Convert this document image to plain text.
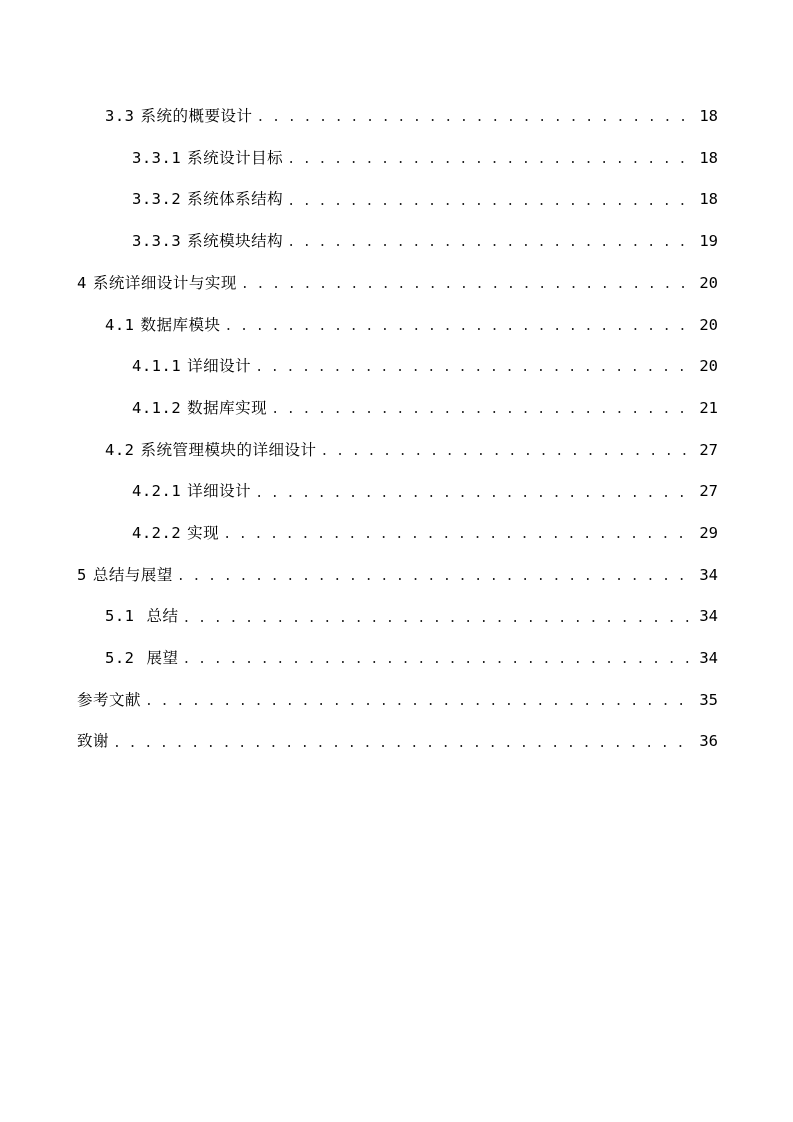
3.3 系统的概要设计 . . .	18
3.3.1 系统设计目标 . . .	18
3.3.2 系统体系结构 . . .	18
3.3.3 系统模块结构 . . .	19
4 系统详细设计与实现 . . .	20
4.1 数据库模块 . . .	20
4.1.1 详细设计 . . .	20
4.1.2 数据库实现 . . .	21
4.2 系统管理模块的详细设计 . . .	27
4.2.1 详细设计 . . .	27
4.2.2 实现 . . .	29
5 总结与展望 . . .	34
5.1 总结 . . .	34
5.2 展望 . . .	34
参考文献 . . .	35
致谢 . . .	36
